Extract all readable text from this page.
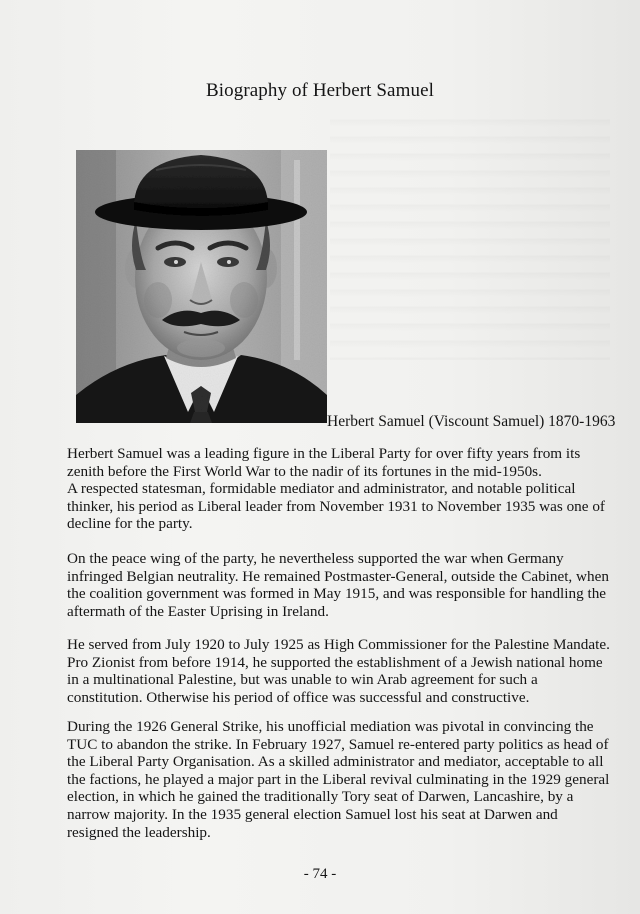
Biography of Herbert Samuel
Herbert Samuel (Viscount Samuel) 1870-1963
Herbert Samuel was a leading figure in the Liberal Party for over fifty years from its
zenith before the First World War to the nadir of its fortunes in the mid-1950s.
A respected statesman, formidable mediator and administrator, and notable political
thinker, his period as Liberal leader from November 1931 to November 1935 was one of
decline for the party.
On the peace wing of the party, he nevertheless supported the war when Germany
infringed Belgian neutrality. He remained Postmaster-General, outside the Cabinet, when
the coalition government was formed in May 1915, and was responsible for handling the
aftermath of the Easter Uprising in Ireland.
He served from July 1920 to July 1925 as High Commissioner for the Palestine Mandate.
Pro Zionist from before 1914, he supported the establishment of a Jewish national home
in a multinational Palestine, but was unable to win Arab agreement for such a
constitution. Otherwise his period of office was successful and constructive.
During the 1926 General Strike, his unofficial mediation was pivotal in convincing the
TUC to abandon the strike. In February 1927, Samuel re-entered party politics as head of
the Liberal Party Organisation. As a skilled administrator and mediator, acceptable to all
the factions, he played a major part in the Liberal revival culminating in the 1929 general
election, in which he gained the traditionally Tory seat of Darwen, Lancashire, by a
narrow majority. In the 1935 general election Samuel lost his seat at Darwen and
resigned the leadership.
- 74 -
